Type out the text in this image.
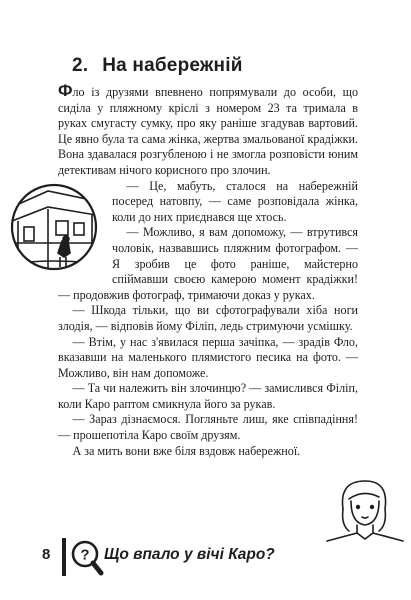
2. На набережній

Фло із друзями впевнено попрямували до особи, що сиділа у пляжному кріслі з номером 23 та тримала в руках смугасту сумку, про яку раніше згадував вартовий. Це явно була та сама жінка, жертва змальованої крадіжки. Вона здавалася розгубленою і не змогла розповісти юним детективам нічого корисного про злочин.

— Це, мабуть, сталося на набережній посеред натовпу, — саме розповідала жінка, коли до них приєднався ще хтось.

— Можливо, я вам допоможу, — втрутився чоловік, назвавшись пляжним фотографом. — Я зробив це фото раніше, майстерно спіймавши своєю камерою момент крадіжки! — продовжив фотограф, тримаючи доказ у руках.

— Шкода тільки, що ви сфотографували хіба ноги злодія, — відповів йому Філіп, ледь стримуючи усмішку.

— Втім, у нас з'явилася перша зачіпка, — зрадів Фло, вказавши на маленького плямистого песика на фото. — Можливо, він нам допоможе.

— Та чи належить він злочинцю? — замислився Філіп, коли Каро раптом смикнула його за рукав.

— Зараз дізнаємося. Погляньте лиш, яке співпадіння! — прошепотіла Каро своїм друзям.

А за мить вони вже біля вздовж набережної.

8 ? Що впало у вічі Каро?
